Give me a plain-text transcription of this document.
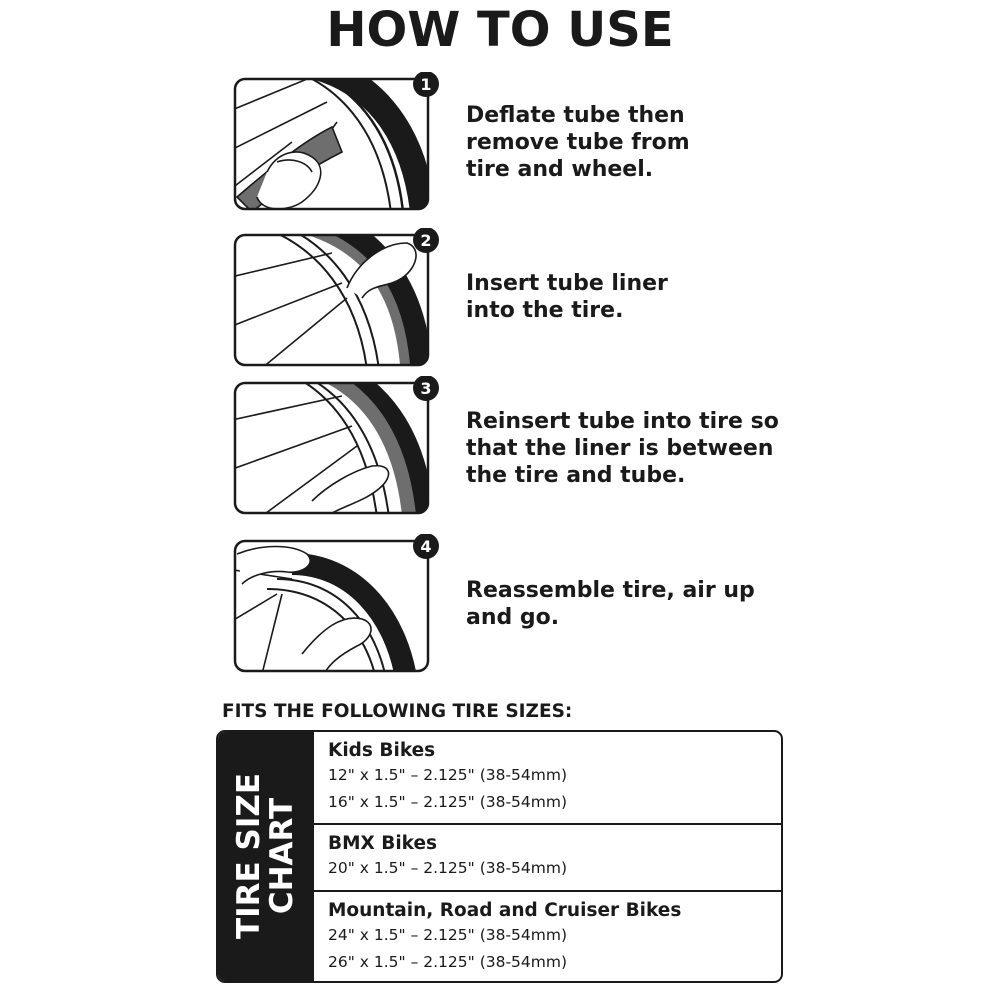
HOW TO USE
1
Deflate tube then
remove tube from
tire and wheel.
2
Insert tube liner
into the tire.
3
Reinsert tube into tire so
that the liner is between
the tire and tube.
4
Reassemble tire, air up
and go.
FITS THE FOLLOWING TIRE SIZES:
TIRE SIZE
CHART
Kids Bikes
12" x 1.5" – 2.125" (38-54mm)
16" x 1.5" – 2.125" (38-54mm)
BMX Bikes
20" x 1.5" – 2.125" (38-54mm)
Mountain, Road and Cruiser Bikes
24" x 1.5" – 2.125" (38-54mm)
26" x 1.5" – 2.125" (38-54mm)
